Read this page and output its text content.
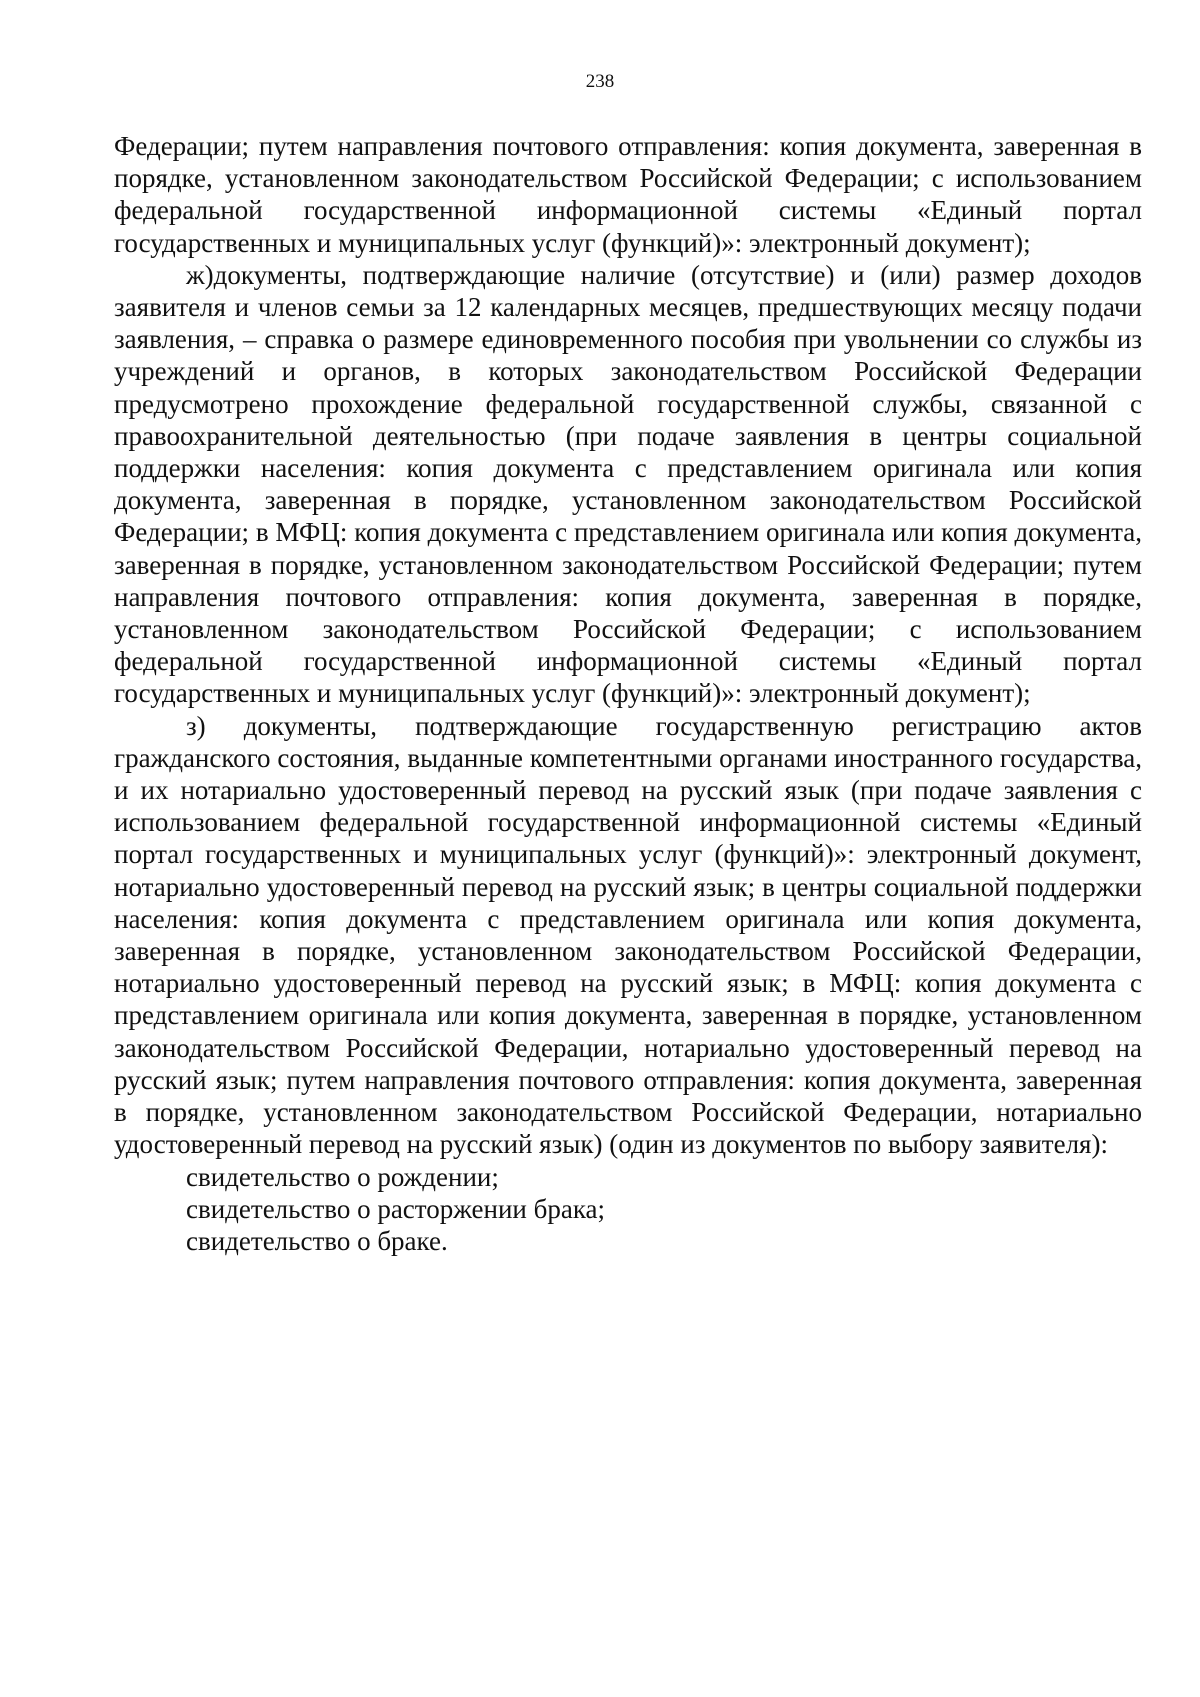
238

Федерации; путем направления почтового отправления: копия документа, заверенная в порядке, установленном законодательством Российской Федерации; с использованием федеральной государственной информационной системы «Единый портал государственных и муниципальных услуг (функций)»: электронный документ);

ж)документы, подтверждающие наличие (отсутствие) и (или) размер доходов заявителя и членов семьи за 12 календарных месяцев, предшествующих месяцу подачи заявления, – справка о размере единовременного пособия при увольнении со службы из учреждений и органов, в которых законодательством Российской Федерации предусмотрено прохождение федеральной государственной службы, связанной с правоохранительной деятельностью (при подаче заявления в центры социальной поддержки населения: копия документа с представлением оригинала или копия документа, заверенная в порядке, установленном законодательством Российской Федерации; в МФЦ: копия документа с представлением оригинала или копия документа, заверенная в порядке, установленном законодательством Российской Федерации; путем направления почтового отправления: копия документа, заверенная в порядке, установленном законодательством Российской Федерации; с использованием федеральной государственной информационной системы «Единый портал государственных и муниципальных услуг (функций)»: электронный документ);

з) документы, подтверждающие государственную регистрацию актов гражданского состояния, выданные компетентными органами иностранного государства, и их нотариально удостоверенный перевод на русский язык (при подаче заявления с использованием федеральной государственной информационной системы «Единый портал государственных и муниципальных услуг (функций)»: электронный документ, нотариально удостоверенный перевод на русский язык; в центры социальной поддержки населения: копия документа с представлением оригинала или копия документа, заверенная в порядке, установленном законодательством Российской Федерации, нотариально удостоверенный перевод на русский язык; в МФЦ: копия документа с представлением оригинала или копия документа, заверенная в порядке, установленном законодательством Российской Федерации, нотариально удостоверенный перевод на русский язык; путем направления почтового отправления: копия документа, заверенная в порядке, установленном законодательством Российской Федерации, нотариально удостоверенный перевод на русский язык) (один из документов по выбору заявителя):

свидетельство о рождении;

свидетельство о расторжении брака;

свидетельство о браке.
